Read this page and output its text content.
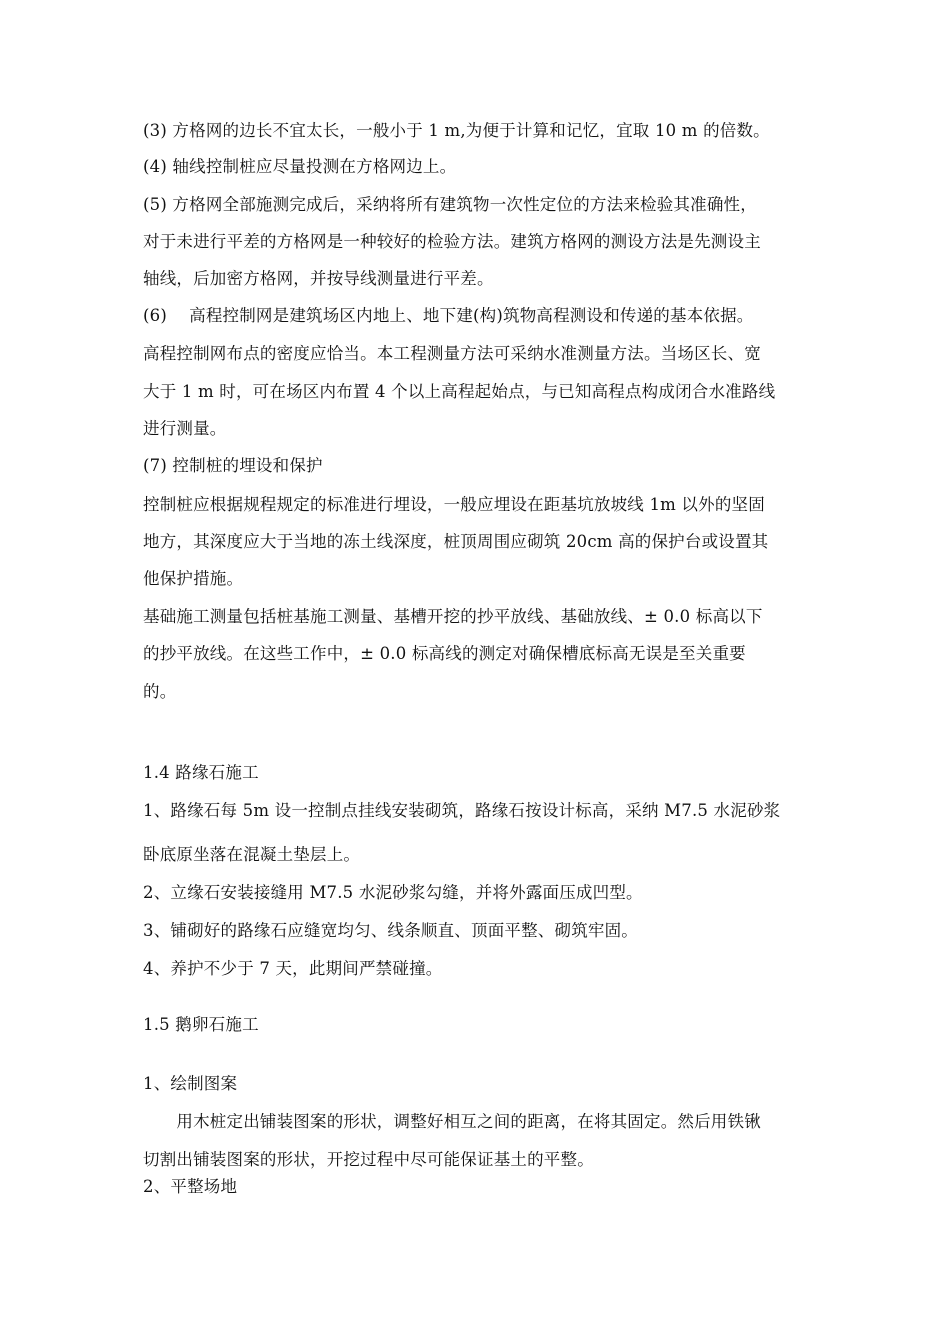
(3) 方格网的边长不宜太长，一般小于 1 m,为便于计算和记忆，宜取 10 m 的倍数。
(4) 轴线控制桩应尽量投测在方格网边上。
(5) 方格网全部施测完成后，采纳将所有建筑物一次性定位的方法来检验其准确性，
对于未进行平差的方格网是一种较好的检验方法。建筑方格网的测设方法是先测设主
轴线，后加密方格网，并按导线测量进行平差。
(6)　 高程控制网是建筑场区内地上、地下建(构)筑物高程测设和传递的基本依据。
高程控制网布点的密度应恰当。本工程测量方法可采纳水准测量方法。当场区长、宽
大于 1 m 时，可在场区内布置 4 个以上高程起始点，与已知高程点构成闭合水准路线
进行测量。
(7) 控制桩的埋设和保护
控制桩应根据规程规定的标准进行埋设，一般应埋设在距基坑放坡线 1m 以外的坚固
地方，其深度应大于当地的冻土线深度，桩顶周围应砌筑 20cm 高的保护台或设置其
他保护措施。
基础施工测量包括桩基施工测量、基槽开挖的抄平放线、基础放线、± 0.0 标高以下
的抄平放线。在这些工作中，± 0.0 标高线的测定对确保槽底标高无误是至关重要
的。
1.4 路缘石施工
1、路缘石每 5m 设一控制点挂线安装砌筑，路缘石按设计标高，采纳 M7.5 水泥砂浆
卧底原坐落在混凝土垫层上。
2、立缘石安装接缝用 M7.5 水泥砂浆勾缝，并将外露面压成凹型。
3、铺砌好的路缘石应缝宽均匀、线条顺直、顶面平整、砌筑牢固。
4、养护不少于 7 天，此期间严禁碰撞。
1.5 鹅卵石施工
1、绘制图案
　　用木桩定出铺装图案的形状，调整好相互之间的距离，在将其固定。然后用铁锹
切割出铺装图案的形状，开挖过程中尽可能保证基土的平整。
2、平整场地
